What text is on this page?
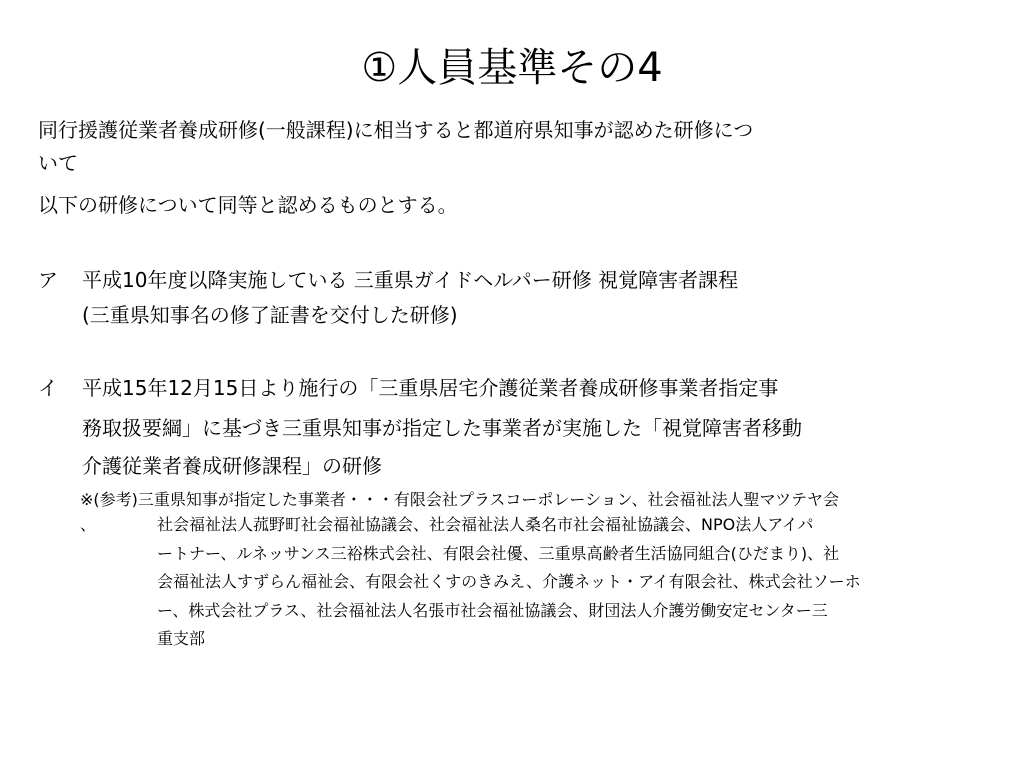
①人員基準その4
同行援護従業者養成研修(一般課程)に相当すると都道府県知事が認めた研修につ
いて
以下の研修について同等と認めるものとする。
ア 平成10年度以降実施している 三重県ガイドヘルパー研修 視覚障害者課程
(三重県知事名の修了証書を交付した研修)
イ 平成15年12月15日より施行の「三重県居宅介護従業者養成研修事業者指定事
務取扱要綱」に基づき三重県知事が指定した事業者が実施した「視覚障害者移動
介護従業者養成研修課程」の研修
※(参考)三重県知事が指定した事業者・・・有限会社プラスコーポレーション、社会福祉法人聖マツテヤ会
、	社会福祉法人菰野町社会福祉協議会、社会福祉法人桑名市社会福祉協議会、NPO法人アイパ
ートナー、ルネッサンス三裕株式会社、有限会社優、三重県高齢者生活協同組合(ひだまり)、社
会福祉法人すずらん福祉会、有限会社くすのきみえ、介護ネット・アイ有限会社、株式会社ソーホ
ー、株式会社プラス、社会福祉法人名張市社会福祉協議会、財団法人介護労働安定センター三
重支部
